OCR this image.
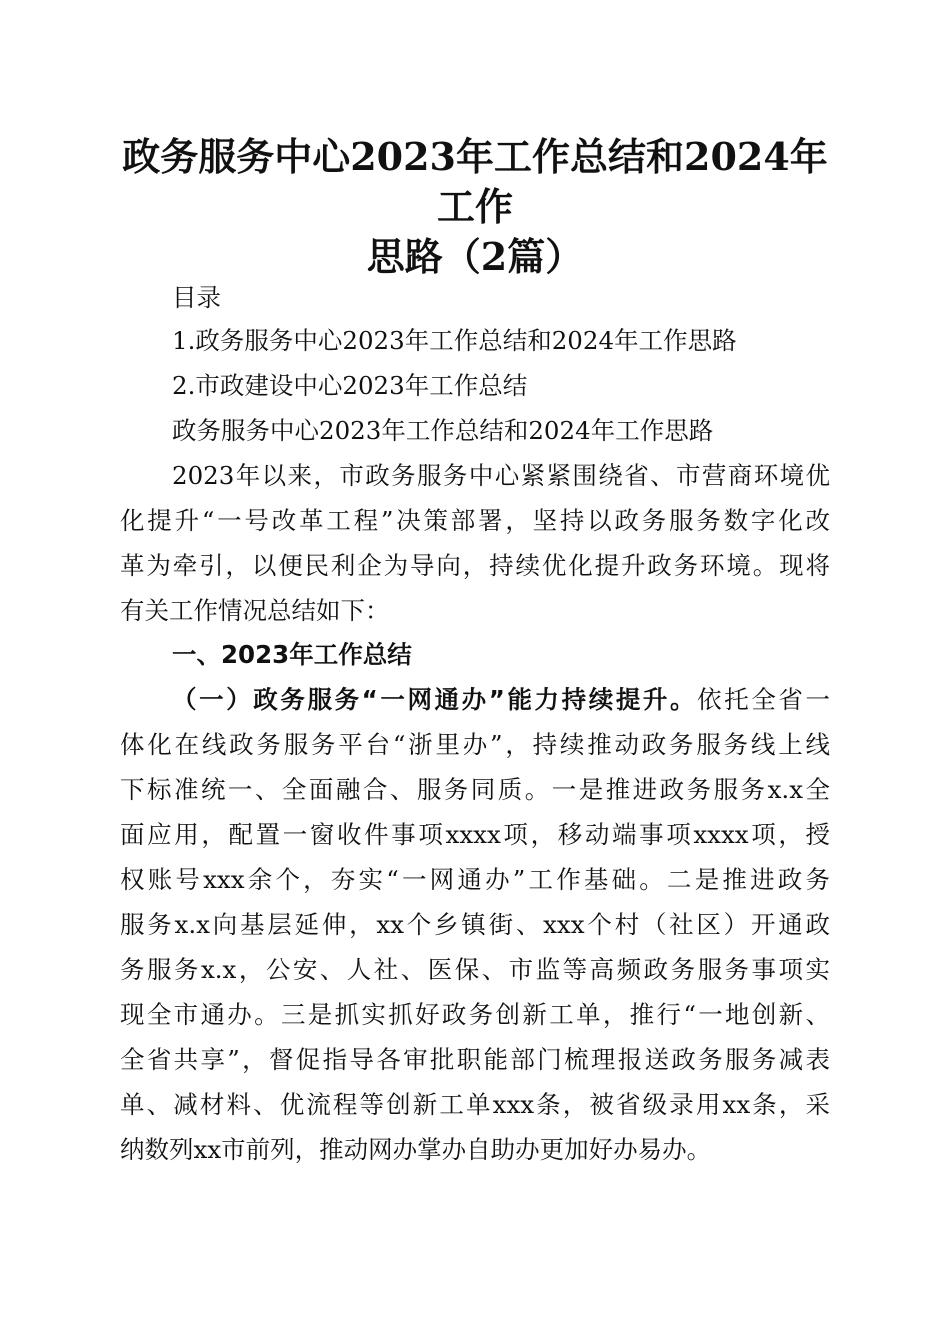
政务服务中心2023年工作总结和2024年工作
思路（2篇）
目录
1.政务服务中心2023年工作总结和2024年工作思路
2.市政建设中心2023年工作总结
政务服务中心2023年工作总结和2024年工作思路
2023年以来，市政务服务中心紧紧围绕省、市营商环境优
化提升“一号改革工程”决策部署，坚持以政务服务数字化改
革为牵引，以便民利企为导向，持续优化提升政务环境。现将
有关工作情况总结如下：
一、2023年工作总结
（一）政务服务“一网通办”能力持续提升。依托全省一
体化在线政务服务平台“浙里办”，持续推动政务服务线上线
下标准统一、全面融合、服务同质。一是推进政务服务x.x全
面应用，配置一窗收件事项xxxx项，移动端事项xxxx项，授
权账号xxx余个，夯实“一网通办”工作基础。二是推进政务
服务x.x向基层延伸，xx个乡镇街、xxx个村（社区）开通政
务服务x.x，公安、人社、医保、市监等高频政务服务事项实
现全市通办。三是抓实抓好政务创新工单，推行“一地创新、
全省共享”，督促指导各审批职能部门梳理报送政务服务减表
单、减材料、优流程等创新工单xxx条，被省级录用xx条，采
纳数列xx市前列，推动网办掌办自助办更加好办易办。
